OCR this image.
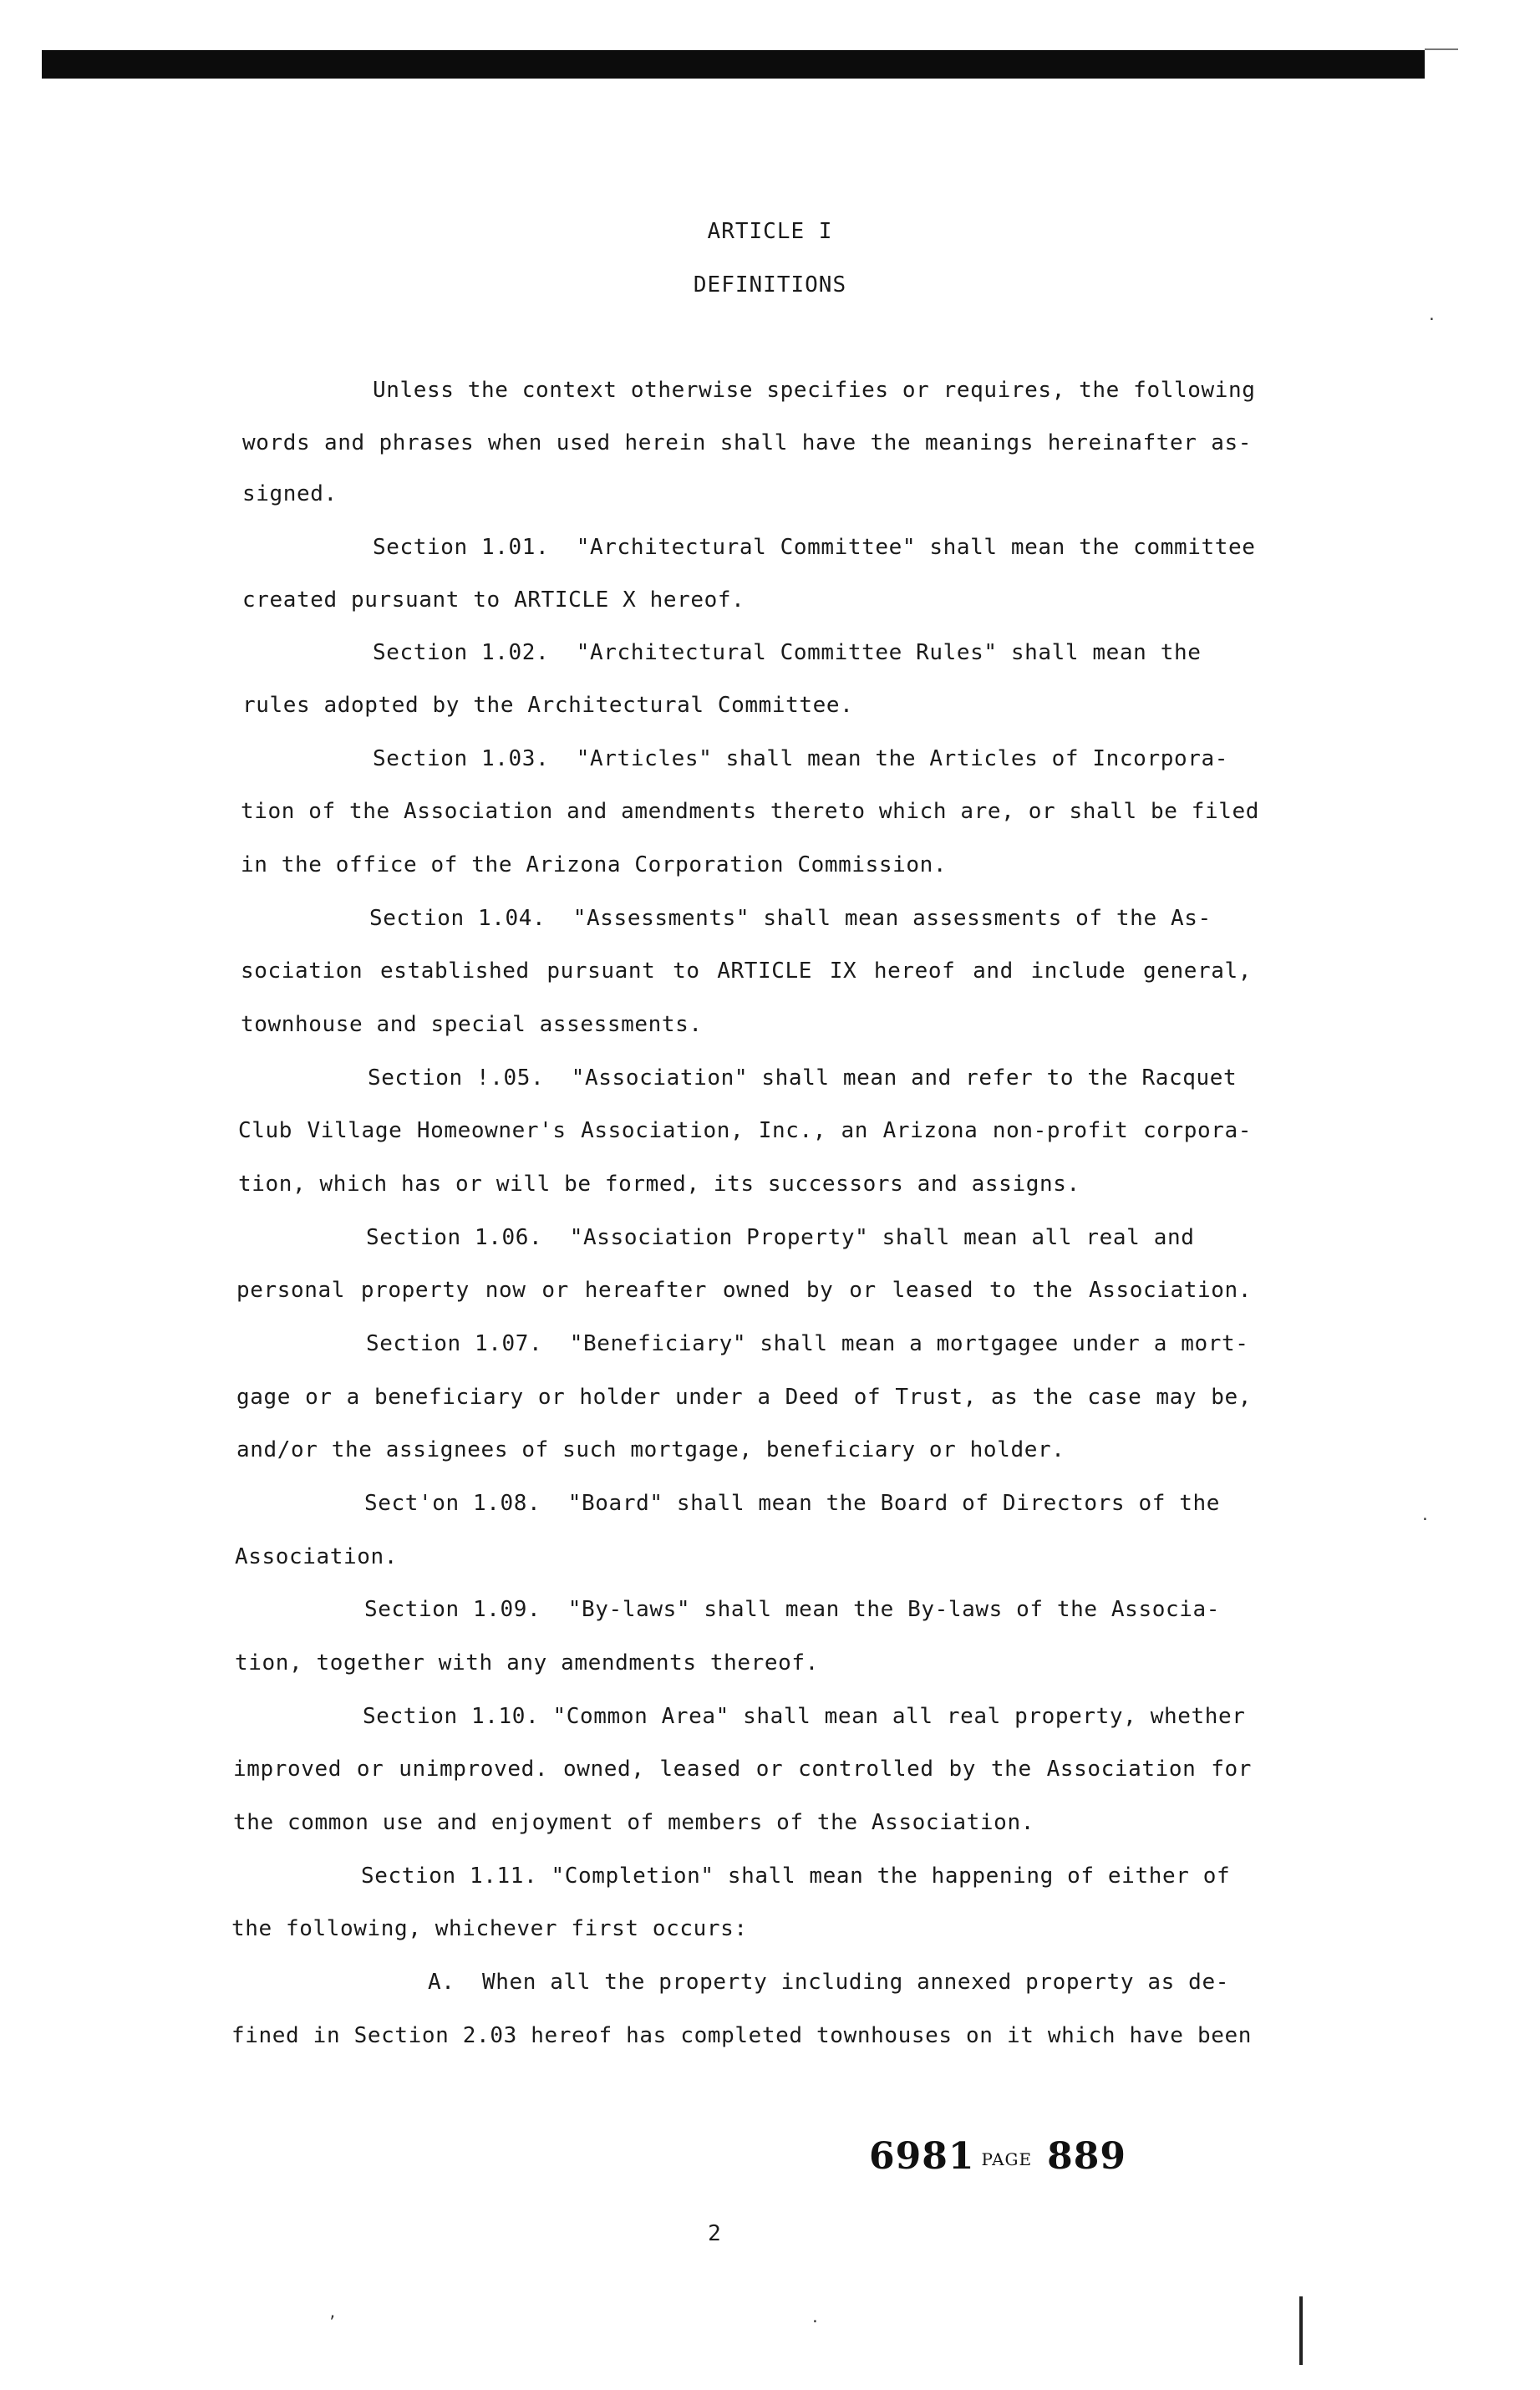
ARTICLE I
DEFINITIONS
Unless the context otherwise specifies or requires, the following
words and phrases when used herein shall have the meanings hereinafter as-
signed.
Section 1.01.  "Architectural Committee" shall mean the committee
created pursuant to ARTICLE X hereof.
Section 1.02.  "Architectural Committee Rules" shall mean the
rules adopted by the Architectural Committee.
Section 1.03.  "Articles" shall mean the Articles of Incorpora-
tion of the Association and amendments thereto which are, or shall be filed
in the office of the Arizona Corporation Commission.
Section 1.04.  "Assessments" shall mean assessments of the As-
sociation established pursuant to ARTICLE IX hereof and include general,
townhouse and special assessments.
Section !.05.  "Association" shall mean and refer to the Racquet
Club Village Homeowner's Association, Inc., an Arizona non-profit corpora-
tion, which has or will be formed, its successors and assigns.
Section 1.06.  "Association Property" shall mean all real and
personal property now or hereafter owned by or leased to the Association.
Section 1.07.  "Beneficiary" shall mean a mortgagee under a mort-
gage or a beneficiary or holder under a Deed of Trust, as the case may be,
and/or the assignees of such mortgage, beneficiary or holder.
Sect'on 1.08.  "Board" shall mean the Board of Directors of the
Association.
Section 1.09.  "By-laws" shall mean the By-laws of the Associa-
tion, together with any amendments thereof.
Section 1.10. "Common Area" shall mean all real property, whether
improved or unimproved. owned, leased or controlled by the Association for
the common use and enjoyment of members of the Association.
Section 1.11. "Completion" shall mean the happening of either of
the following, whichever first occurs:
A.  When all the property including annexed property as de-
fined in Section 2.03 hereof has completed townhouses on it which have been
6981 PAGE 889
2
’	·
·
·
